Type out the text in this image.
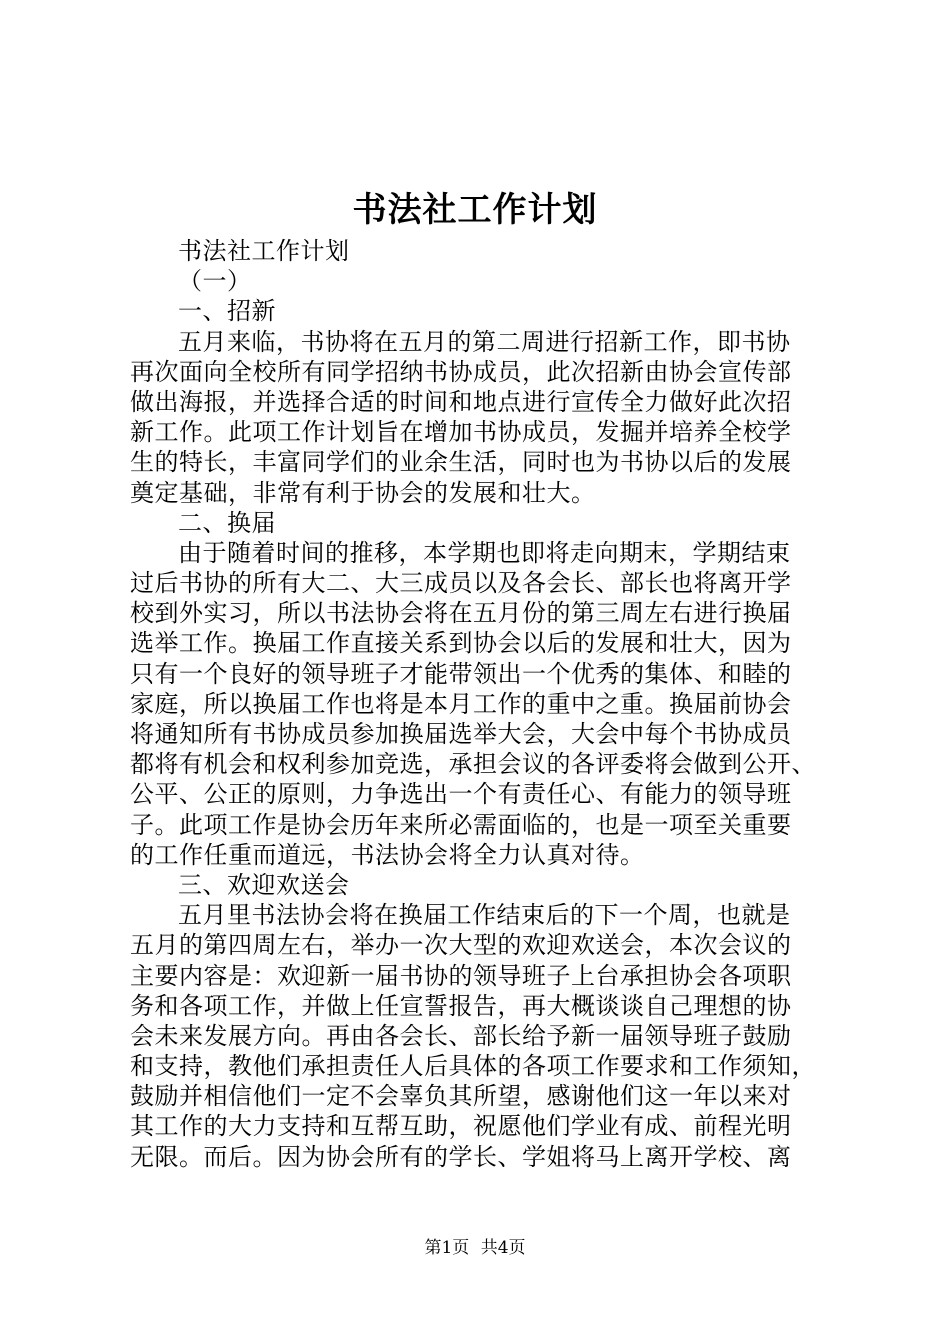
书法社工作计划
书法社工作计划
（一）
一、招新
五月来临，书协将在五月的第二周进行招新工作，即书协
再次面向全校所有同学招纳书协成员，此次招新由协会宣传部
做出海报，并选择合适的时间和地点进行宣传全力做好此次招
新工作。此项工作计划旨在增加书协成员，发掘并培养全校学
生的特长，丰富同学们的业余生活，同时也为书协以后的发展
奠定基础，非常有利于协会的发展和壮大。
二、换届
由于随着时间的推移，本学期也即将走向期末，学期结束
过后书协的所有大二、大三成员以及各会长、部长也将离开学
校到外实习，所以书法协会将在五月份的第三周左右进行换届
选举工作。换届工作直接关系到协会以后的发展和壮大，因为
只有一个良好的领导班子才能带领出一个优秀的集体、和睦的
家庭，所以换届工作也将是本月工作的重中之重。换届前协会
将通知所有书协成员参加换届选举大会，大会中每个书协成员
都将有机会和权利参加竞选，承担会议的各评委将会做到公开、
公平、公正的原则，力争选出一个有责任心、有能力的领导班
子。此项工作是协会历年来所必需面临的，也是一项至关重要
的工作任重而道远，书法协会将全力认真对待。
三、欢迎欢送会
五月里书法协会将在换届工作结束后的下一个周，也就是
五月的第四周左右，举办一次大型的欢迎欢送会，本次会议的
主要内容是：欢迎新一届书协的领导班子上台承担协会各项职
务和各项工作，并做上任宣誓报告，再大概谈谈自己理想的协
会未来发展方向。再由各会长、部长给予新一届领导班子鼓励
和支持，教他们承担责任人后具体的各项工作要求和工作须知，
鼓励并相信他们一定不会辜负其所望，感谢他们这一年以来对
其工作的大力支持和互帮互助，祝愿他们学业有成、前程光明
无限。而后。因为协会所有的学长、学姐将马上离开学校、离
第1页 共4页
